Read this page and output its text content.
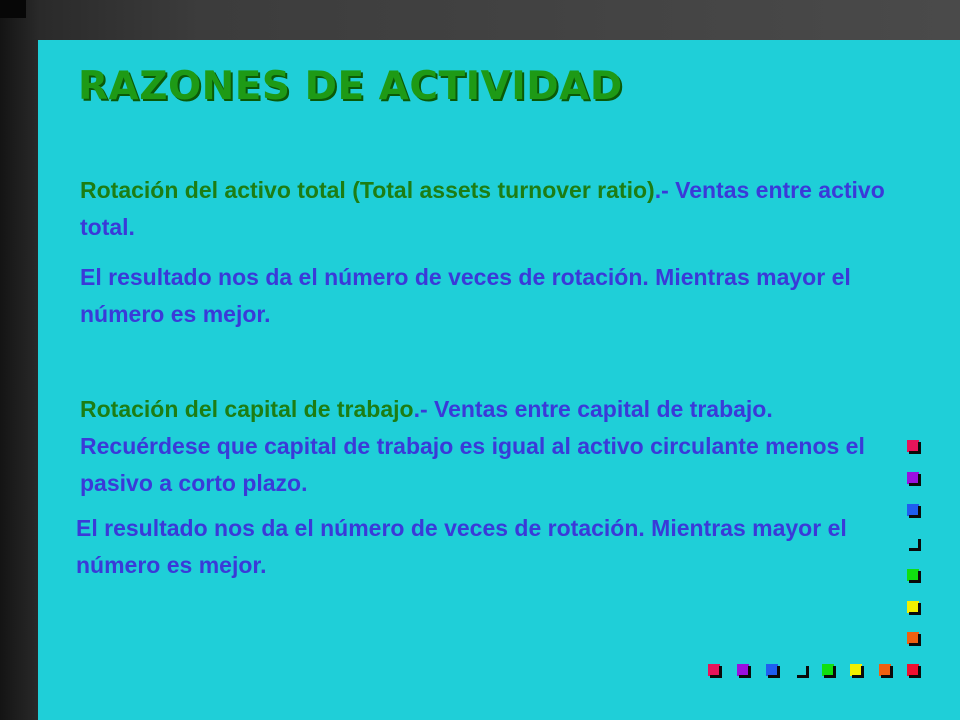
RAZONES DE ACTIVIDAD

Rotación del activo total (Total assets turnover ratio).- Ventas entre activo total.

El resultado nos da el número de veces de rotación. Mientras mayor el número es mejor.

Rotación del capital de trabajo.- Ventas entre capital de trabajo. Recuérdese que capital de trabajo es igual al activo circulante menos el pasivo a corto plazo.

El resultado nos da el número de veces de rotación. Mientras mayor el número es mejor.
